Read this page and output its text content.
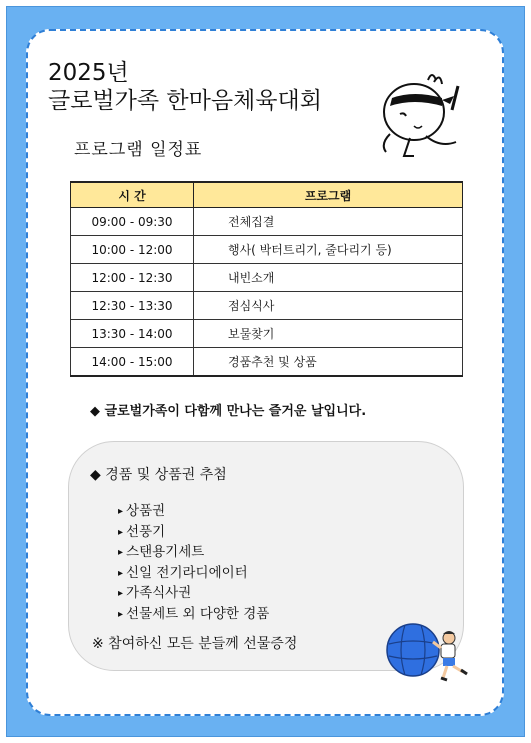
2025년
글로벌가족 한마음체육대회
프로그램 일정표
시 간	프로그램
09:00 - 09:30	전체집결
10:00 - 12:00	행사( 박터트리기, 줄다리기 등)
12:00 - 12:30	내빈소개
12:30 - 13:30	점심식사
13:30 - 14:00	보물찾기
14:00 - 15:00	경품추천 및 상품
◆ 글로벌가족이 다함께 만나는 즐거운 날입니다.
◆ 경품 및 상품권 추첨
▸ 상품권
▸ 선풍기
▸ 스탠용기세트
▸ 신일 전기라디에이터
▸ 가족식사권
▸ 선물세트 외 다양한 경품
※ 참여하신 모든 분들께 선물증정
